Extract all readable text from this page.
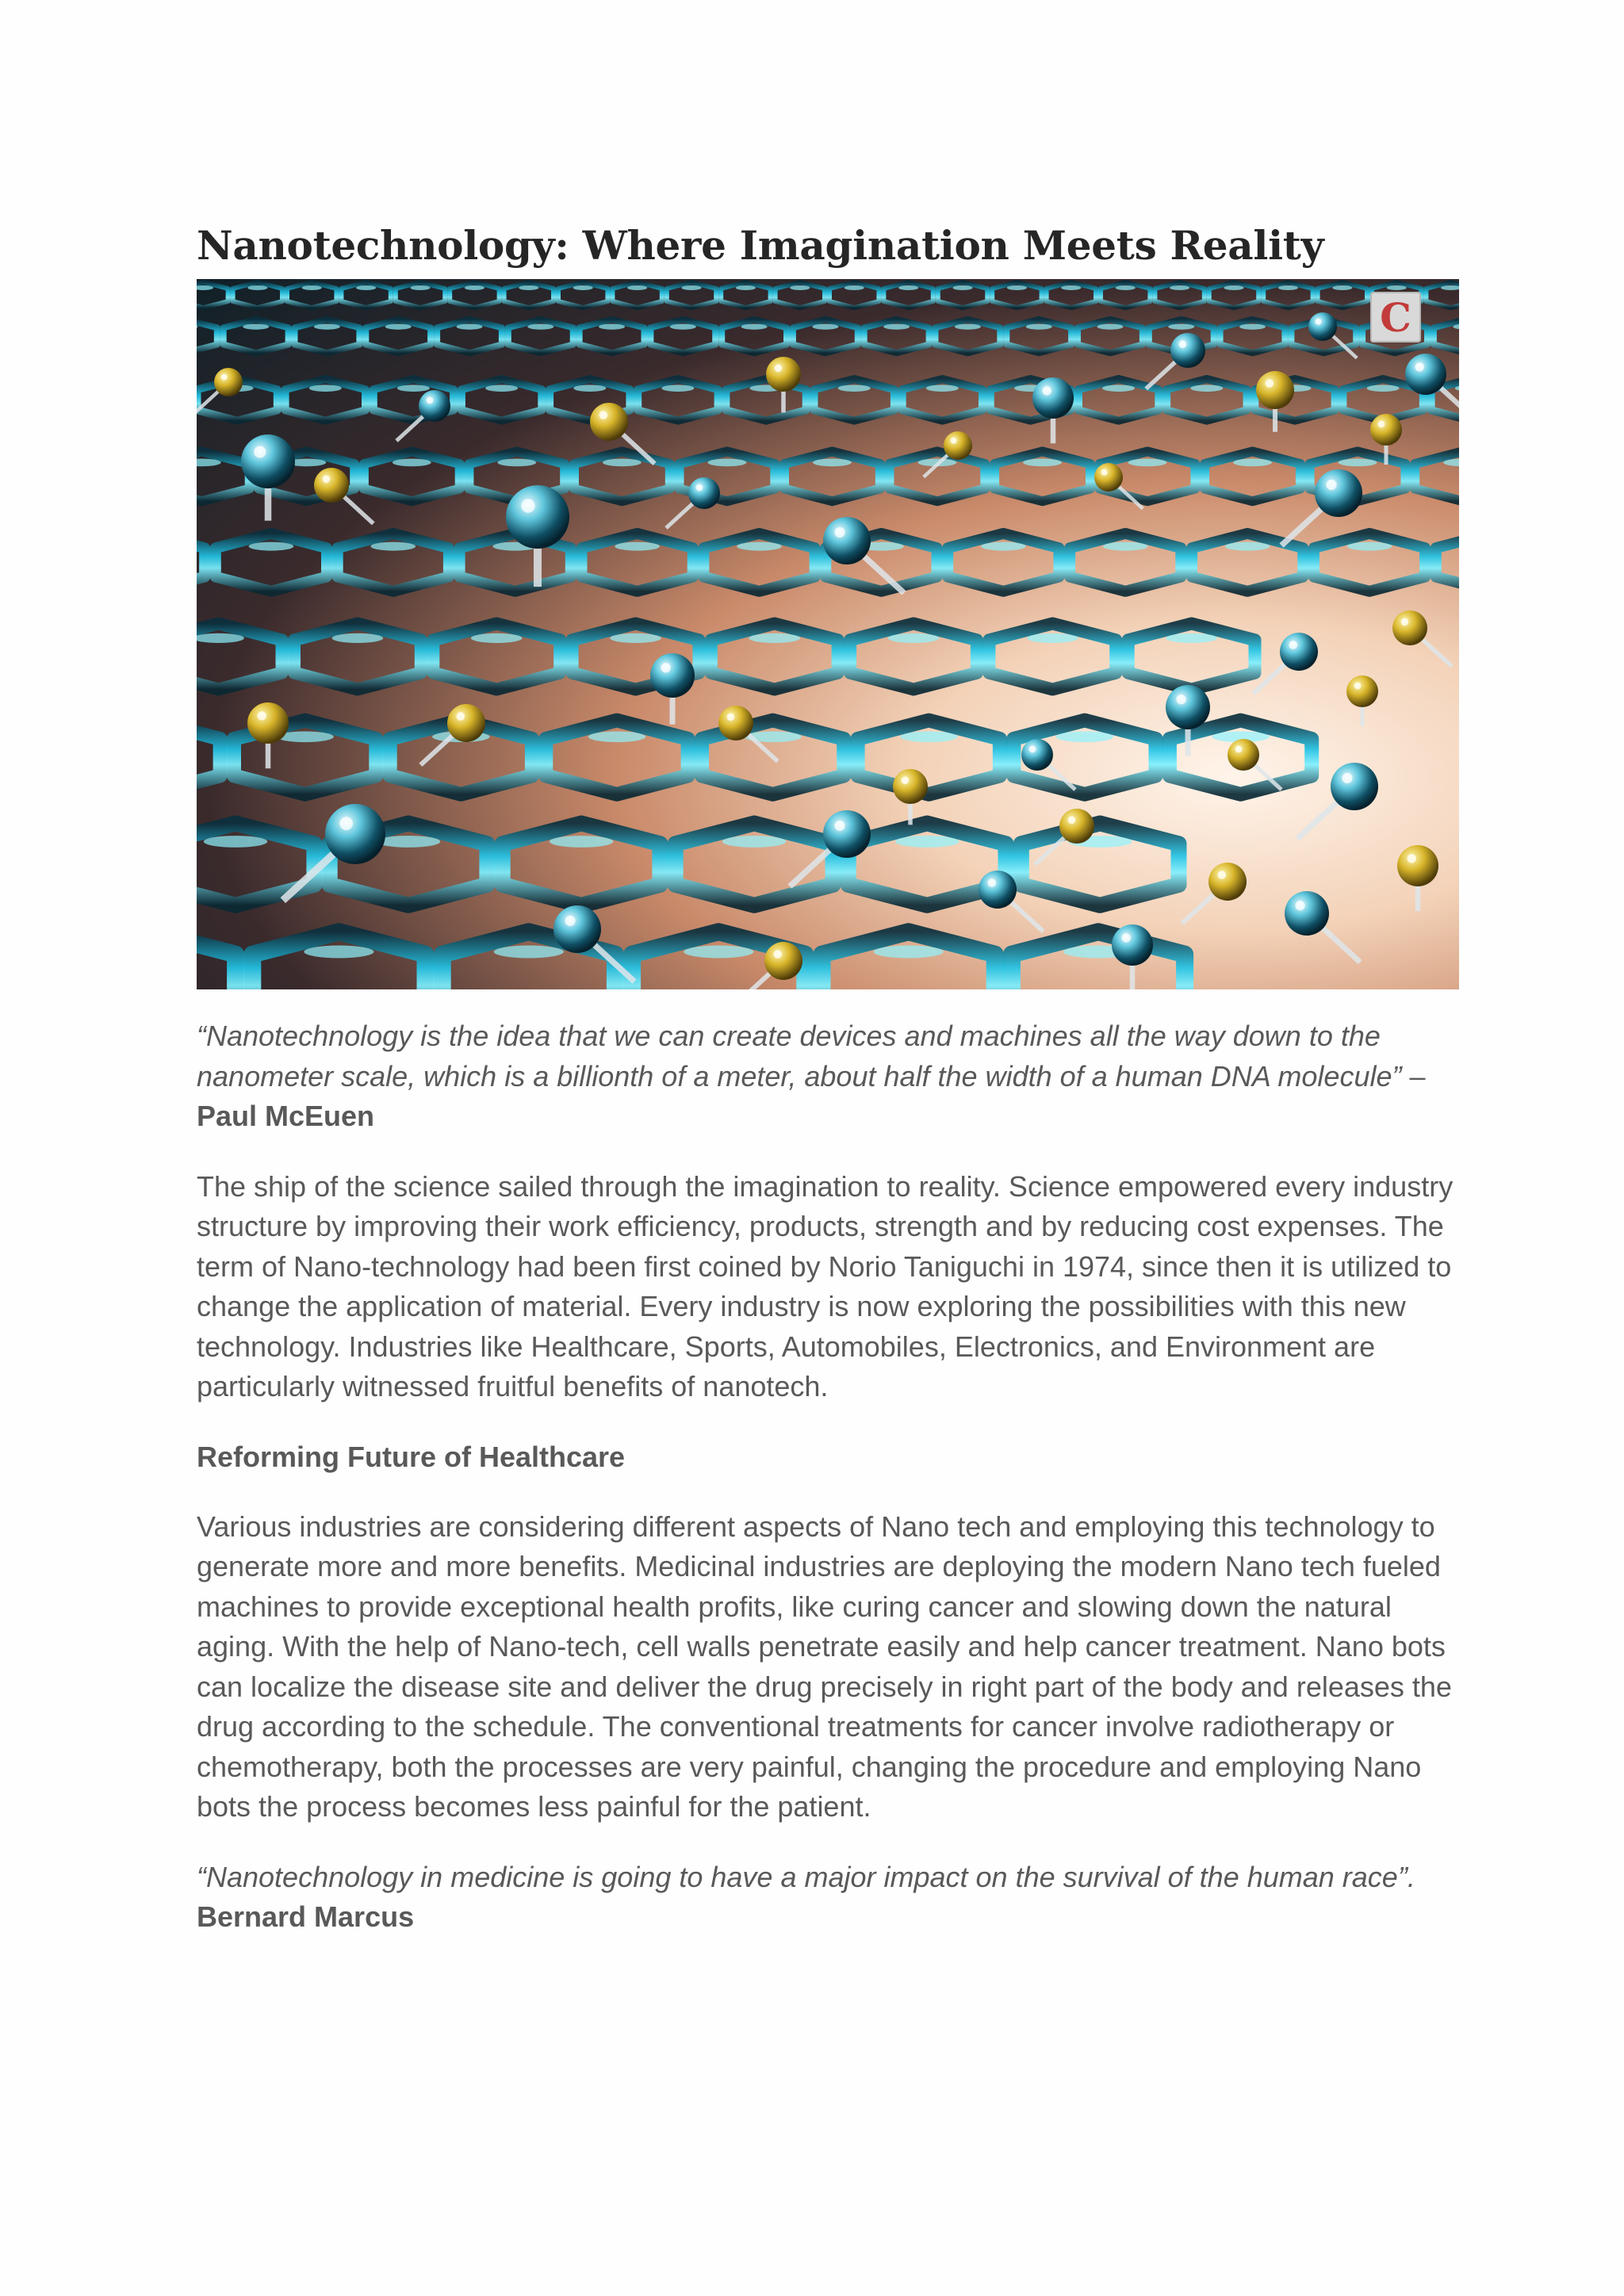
Nanotechnology: Where Imagination Meets Reality
C

“Nanotechnology is the idea that we can create devices and machines all the way down to the nanometer scale, which is a billionth of a meter, about half the width of a human DNA molecule” – Paul McEuen

The ship of the science sailed through the imagination to reality. Science empowered every industry structure by improving their work efficiency, products, strength and by reducing cost expenses. The term of Nano-technology had been first coined by Norio Taniguchi in 1974, since then it is utilized to change the application of material. Every industry is now exploring the possibilities with this new technology. Industries like Healthcare, Sports, Automobiles, Electronics, and Environment are particularly witnessed fruitful benefits of nanotech.

Reforming Future of Healthcare

Various industries are considering different aspects of Nano tech and employing this technology to generate more and more benefits. Medicinal industries are deploying the modern Nano tech fueled machines to provide exceptional health profits, like curing cancer and slowing down the natural aging. With the help of Nano-tech, cell walls penetrate easily and help cancer treatment. Nano bots can localize the disease site and deliver the drug precisely in right part of the body and releases the drug according to the schedule. The conventional treatments for cancer involve radiotherapy or chemotherapy, both the processes are very painful, changing the procedure and employing Nano bots the process becomes less painful for the patient.

“Nanotechnology in medicine is going to have a major impact on the survival of the human race”. Bernard Marcus
